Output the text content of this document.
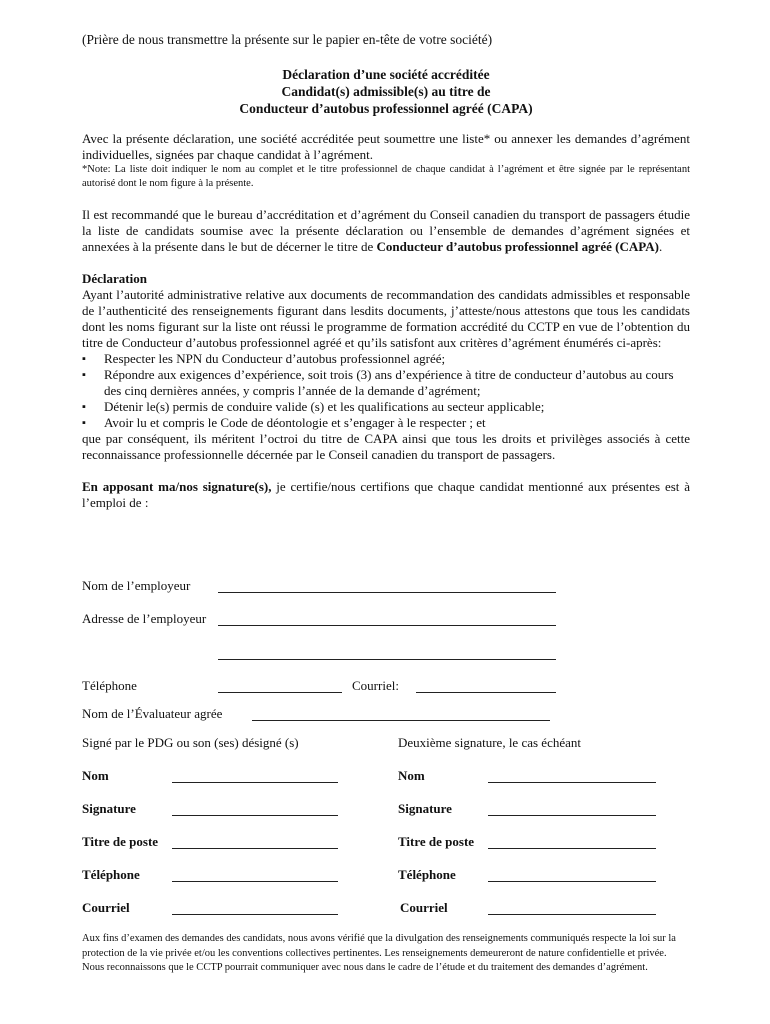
(Prière de nous transmettre la présente sur le papier en-tête de votre société)
Déclaration d’une société accréditée
Candidat(s) admissible(s) au titre de
Conducteur d’autobus professionnel agréé (CAPA)

Avec la présente déclaration, une société accréditée peut soumettre une liste* ou annexer les demandes d’agrément individuelles, signées par chaque candidat à l’agrément.

*Note: La liste doit indiquer le nom au complet et le titre professionnel de chaque candidat à l’agrément et être signée par le représentant autorisé dont le nom figure à la présente.

Il est recommandé que le bureau d’accréditation et d’agrément du Conseil canadien du transport de passagers étudie la liste de candidats soumise avec la présente déclaration ou l’ensemble de demandes d’agrément signées et annexées à la présente dans le but de décerner le titre de Conducteur d’autobus professionnel agréé (CAPA).

Déclaration

Ayant l’autorité administrative relative aux documents de recommandation des candidats admissibles et responsable de l’authenticité des renseignements figurant dans lesdits documents, j’atteste/nous attestons que tous les candidats dont les noms figurant sur la liste ont réussi le programme de formation accrédité du CCTP en vue de l’obtention du titre de Conducteur d’autobus professionnel agréé et qu’ils satisfont aux critères d’agrément énumérés ci-après:

▪ Respecter les NPN du Conducteur d’autobus professionnel agréé;
▪ Répondre aux exigences d’expérience, soit trois (3) ans d’expérience à titre de conducteur d’autobus au cours des cinq dernières années, y compris l’année de la demande d’agrément;
▪ Détenir le(s) permis de conduire valide (s) et les qualifications au secteur applicable;
▪ Avoir lu et compris le Code de déontologie et s’engager à le respecter ; et

que par conséquent, ils méritent l’octroi du titre de CAPA ainsi que tous les droits et privilèges associés à cette reconnaissance professionnelle décernée par le Conseil canadien du transport de passagers.

En apposant ma/nos signature(s), je certifie/nous certifions que chaque candidat mentionné aux présentes est à l’emploi de :

Nom de l’employeur
Adresse de l’employeur
Téléphone	Courriel:
Nom de l’Évaluateur agrée
Signé par le PDG ou son (ses) désigné (s)	Deuxième signature, le cas échéant
Nom	Nom
Signature	Signature
Titre de poste	Titre de poste
Téléphone	Téléphone
Courriel	Courriel
Aux fins d’examen des demandes des candidats, nous avons vérifié que la divulgation des renseignements communiqués respecte la loi sur la protection de la vie privée et/ou les conventions collectives pertinentes. Les renseignements demeureront de nature confidentielle et privée. Nous reconnaissons que le CCTP pourrait communiquer avec nous dans le cadre de l’étude et du traitement des demandes d’agrément.
